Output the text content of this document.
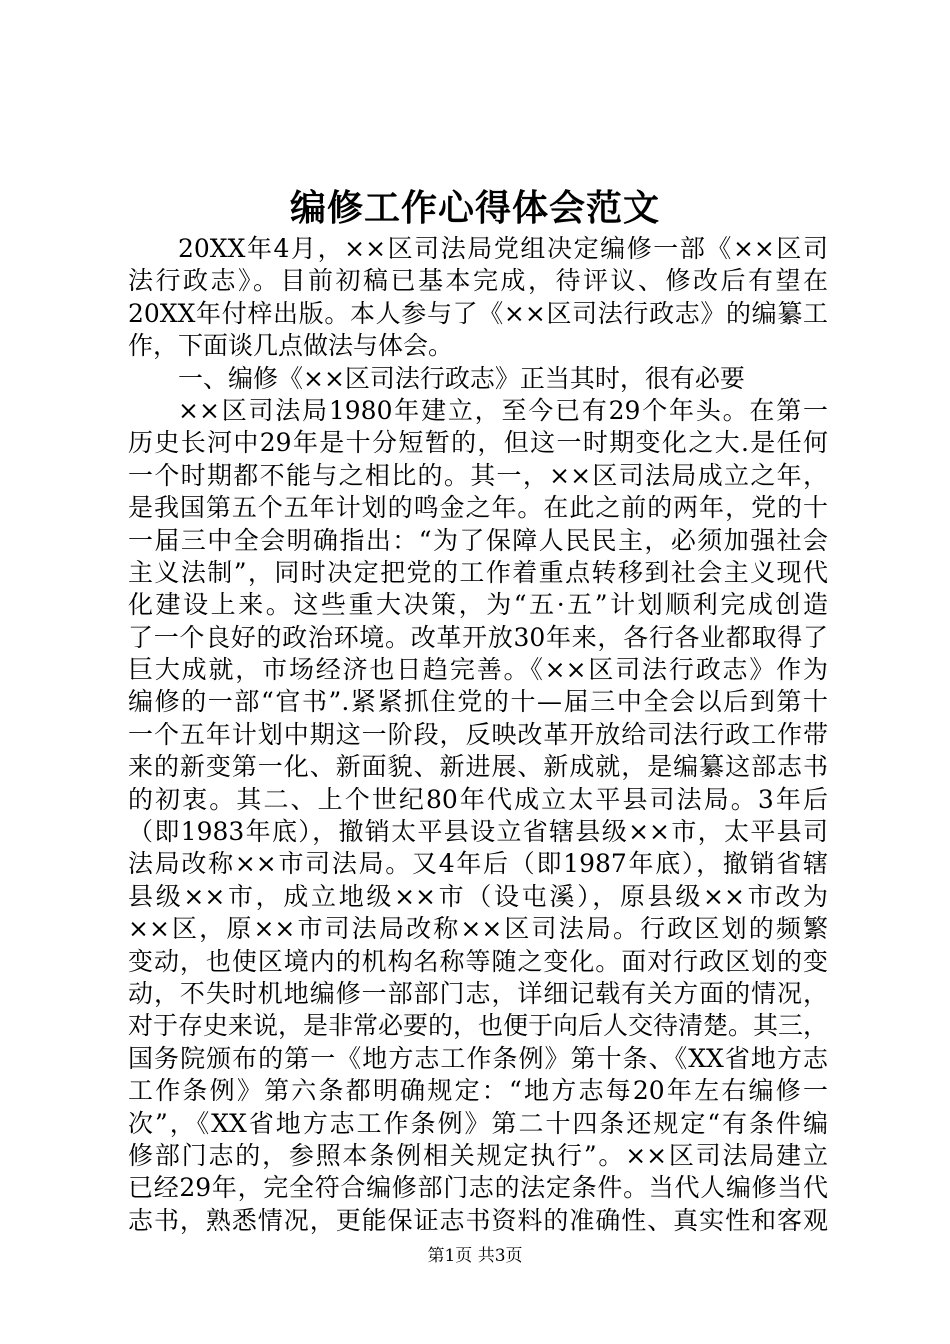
编修工作心得体会范文
20XX年4月，××区司法局党组决定编修一部《××区司
法行政志》。目前初稿已基本完成，待评议、修改后有望在
20XX年付梓出版。本人参与了《××区司法行政志》的编纂工
作，下面谈几点做法与体会。
一、编修《××区司法行政志》正当其时，很有必要
××区司法局1980年建立，至今已有29个年头。在第一
历史长河中29年是十分短暂的，但这一时期变化之大.是任何
一个时期都不能与之相比的。其一，××区司法局成立之年，
是我国第五个五年计划的鸣金之年。在此之前的两年，党的十
一届三中全会明确指出：“为了保障人民民主，必须加强社会
主义法制”，同时决定把党的工作着重点转移到社会主义现代
化建设上来。这些重大决策，为“五·五”计划顺利完成创造
了一个良好的政治环境。改革开放30年来，各行各业都取得了
巨大成就，市场经济也日趋完善。《××区司法行政志》作为
编修的一部“官书”.紧紧抓住党的十—届三中全会以后到第十
一个五年计划中期这一阶段，反映改革开放给司法行政工作带
来的新变第一化、新面貌、新进展、新成就，是编纂这部志书
的初衷。其二、上个世纪80年代成立太平县司法局。3年后
（即1983年底），撤销太平县设立省辖县级××市，太平县司
法局改称××市司法局。又4年后（即1987年底），撤销省辖
县级××市，成立地级××市（设屯溪），原县级××市改为
××区，原××市司法局改称××区司法局。行政区划的频繁
变动，也使区境内的机构名称等随之变化。面对行政区划的变
动，不失时机地编修一部部门志，详细记载有关方面的情况，
对于存史来说，是非常必要的，也便于向后人交待清楚。其三，
国务院颁布的第一《地方志工作条例》第十条、《XX省地方志
工作条例》第六条都明确规定：“地方志每20年左右编修一
次”，《XX省地方志工作条例》第二十四条还规定“有条件编
修部门志的，参照本条例相关规定执行”。××区司法局建立
已经29年，完全符合编修部门志的法定条件。当代人编修当代
志书，熟悉情况，更能保证志书资料的准确性、真实性和客观
第1页 共3页
